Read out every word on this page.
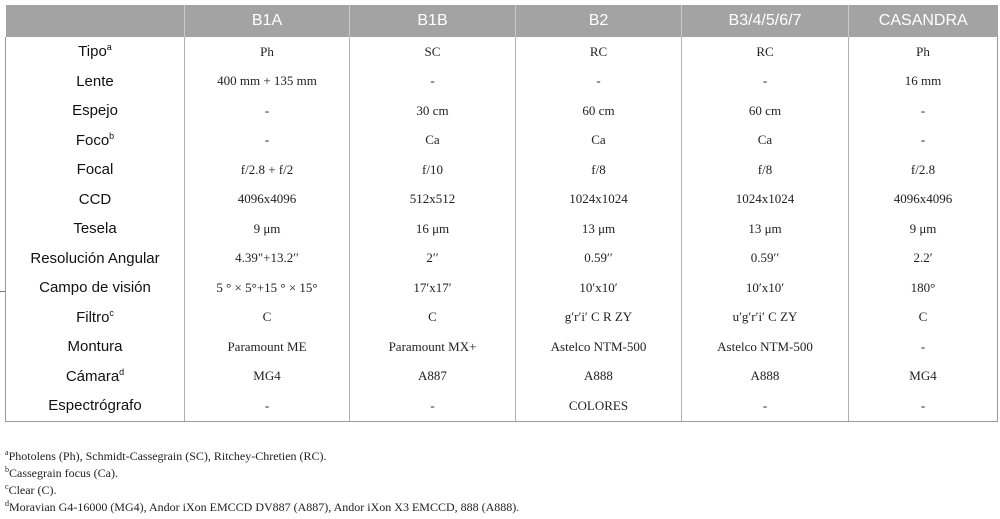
	B1A	B1B	B2	B3/4/5/6/7	CASANDRA
Tipo$^a$	Ph	SC	RC	RC	Ph
Lente	400 mm + 135 mm	-	-	-	16 mm
Espejo	-	30 cm	60 cm	60 cm	-
Foco$^b$	-	Ca	Ca	Ca	-
Focal	f/2.8 + f/2	f/10	f/8	f/8	f/2.8
CCD	4096x4096	512x512	1024x1024	1024x1024	4096x4096
Tesela	9 μm	16 μm	13 μm	13 μm	9 μm
Resolución Angular	4.39"+13.2′′	2′′	0.59′′	0.59′′	2.2′
Campo de visión	5 ° × 5°+15 ° × 15°	17′x17′	10′x10′	10′x10′	180°
Filtro$^c$	C	C	g′r′i′ C R ZY	u′g′r′i′ C ZY	C
Montura	Paramount ME	Paramount MX+	Astelco NTM-500	Astelco NTM-500	-
Cámara$^d$	MG4	A887	A888	A888	MG4
Espectrógrafo	-	-	COLORES	-	-
$^a$Photolens (Ph), Schmidt-Cassegrain (SC), Ritchey-Chretien (RC).
$^b$Cassegrain focus (Ca).
$^c$Clear (C).
$^d$Moravian G4-16000 (MG4), Andor iXon EMCCD DV887 (A887), Andor iXon X3 EMCCD, 888 (A888).
